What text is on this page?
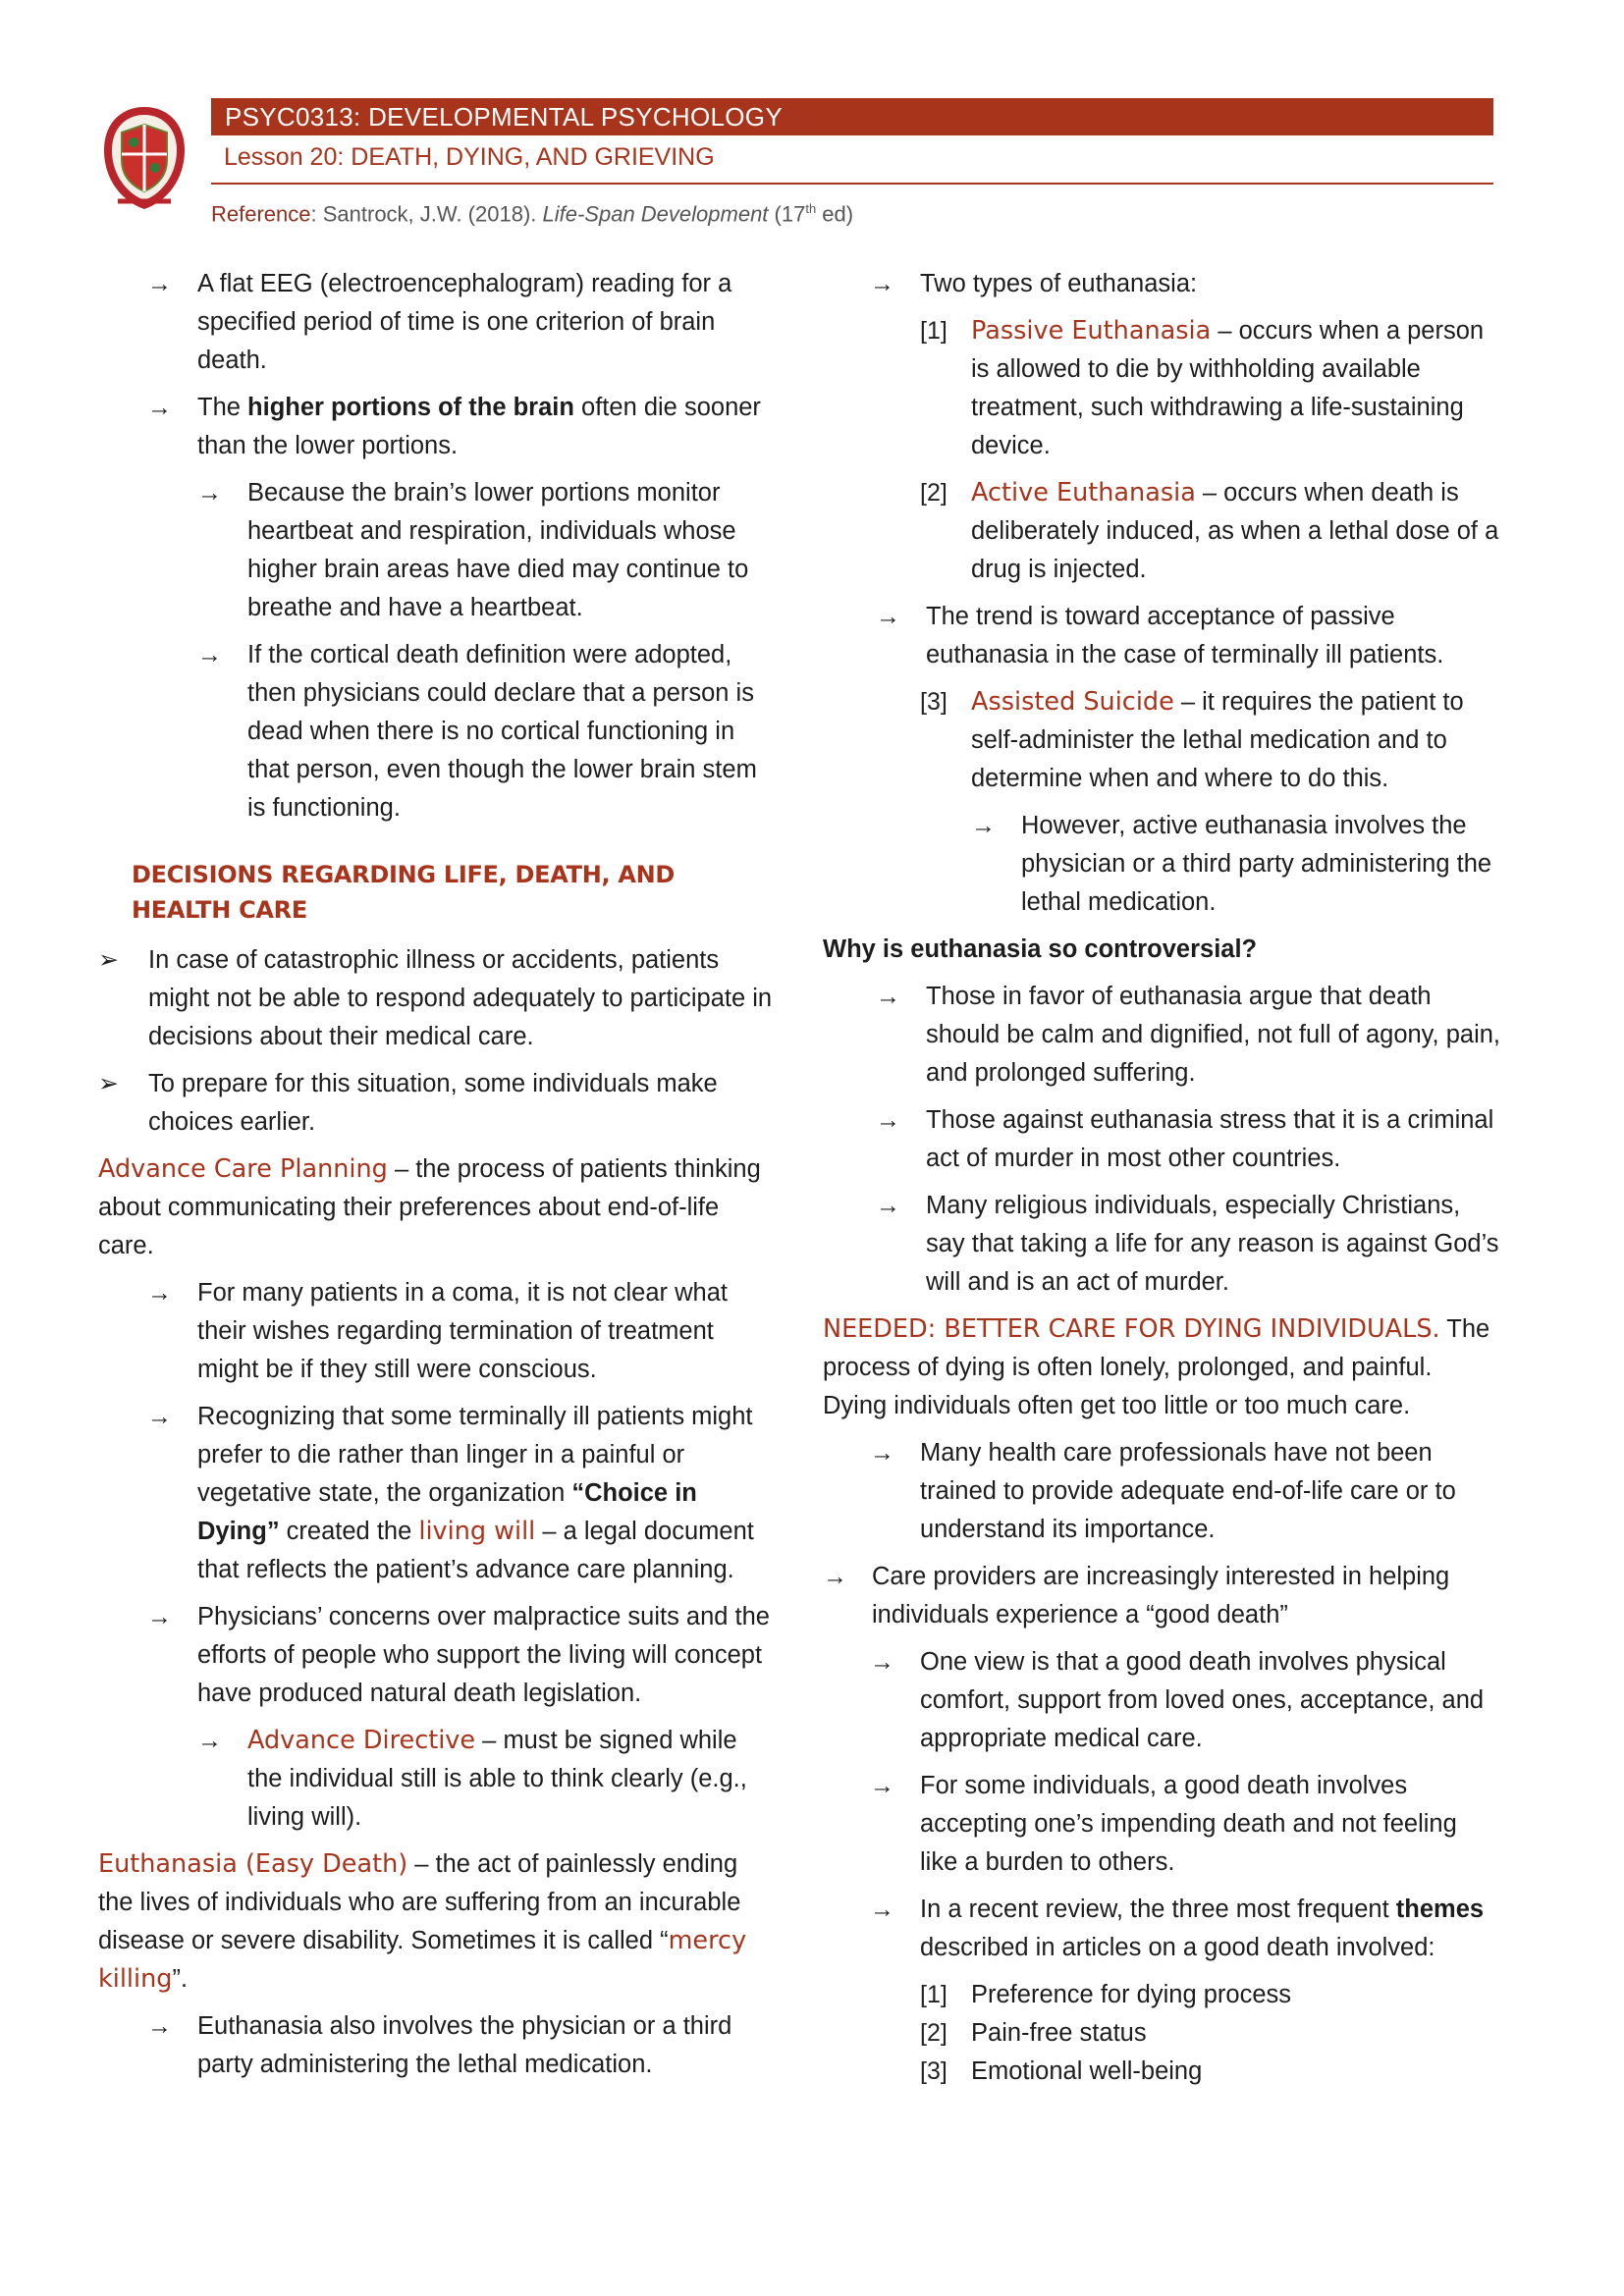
PSYC0313: DEVELOPMENTAL PSYCHOLOGY
Lesson 20: DEATH, DYING, AND GRIEVING
Reference: Santrock, J.W. (2018). Life-Span Development (17th ed)
→ A flat EEG (electroencephalogram) reading for a specified period of time is one criterion of brain death.

→ The higher portions of the brain often die sooner than the lower portions.

→ Because the brain’s lower portions monitor heartbeat and respiration, individuals whose higher brain areas have died may continue to breathe and have a heartbeat.

→ If the cortical death definition were adopted, then physicians could declare that a person is dead when there is no cortical functioning in that person, even though the lower brain stem is functioning.

DECISIONS REGARDING LIFE, DEATH, AND HEALTH CARE
➢ In case of catastrophic illness or accidents, patients might not be able to respond adequately to participate in decisions about their medical care.

➢ To prepare for this situation, some individuals make choices earlier.

Advance Care Planning – the process of patients thinking about communicating their preferences about end-of-life care.

→ For many patients in a coma, it is not clear what their wishes regarding termination of treatment might be if they still were conscious.

→ Recognizing that some terminally ill patients might prefer to die rather than linger in a painful or vegetative state, the organization “Choice in Dying” created the living will – a legal document that reflects the patient’s advance care planning.

→ Physicians’ concerns over malpractice suits and the efforts of people who support the living will concept have produced natural death legislation.

→ Advance Directive – must be signed while the individual still is able to think clearly (e.g., living will).

Euthanasia (Easy Death) – the act of painlessly ending the lives of individuals who are suffering from an incurable disease or severe disability. Sometimes it is called “mercy killing”.

→ Euthanasia also involves the physician or a third party administering the lethal medication.

→ Two types of euthanasia:

[1] Passive Euthanasia – occurs when a person is allowed to die by withholding available treatment, such withdrawing a life-sustaining device.

[2] Active Euthanasia – occurs when death is deliberately induced, as when a lethal dose of a drug is injected.

→ The trend is toward acceptance of passive euthanasia in the case of terminally ill patients.

[3] Assisted Suicide – it requires the patient to self-administer the lethal medication and to determine when and where to do this.

→ However, active euthanasia involves the physician or a third party administering the lethal medication.

Why is euthanasia so controversial?

→ Those in favor of euthanasia argue that death should be calm and dignified, not full of agony, pain, and prolonged suffering.

→ Those against euthanasia stress that it is a criminal act of murder in most other countries.

→ Many religious individuals, especially Christians, say that taking a life for any reason is against God’s will and is an act of murder.

NEEDED: BETTER CARE FOR DYING INDIVIDUALS. The process of dying is often lonely, prolonged, and painful. Dying individuals often get too little or too much care.

→ Many health care professionals have not been trained to provide adequate end-of-life care or to understand its importance.

→ Care providers are increasingly interested in helping individuals experience a “good death”

→ One view is that a good death involves physical comfort, support from loved ones, acceptance, and appropriate medical care.

→ For some individuals, a good death involves accepting one’s impending death and not feeling like a burden to others.

→ In a recent review, the three most frequent themes described in articles on a good death involved:

[1] Preference for dying process

[2] Pain-free status

[3] Emotional well-being
